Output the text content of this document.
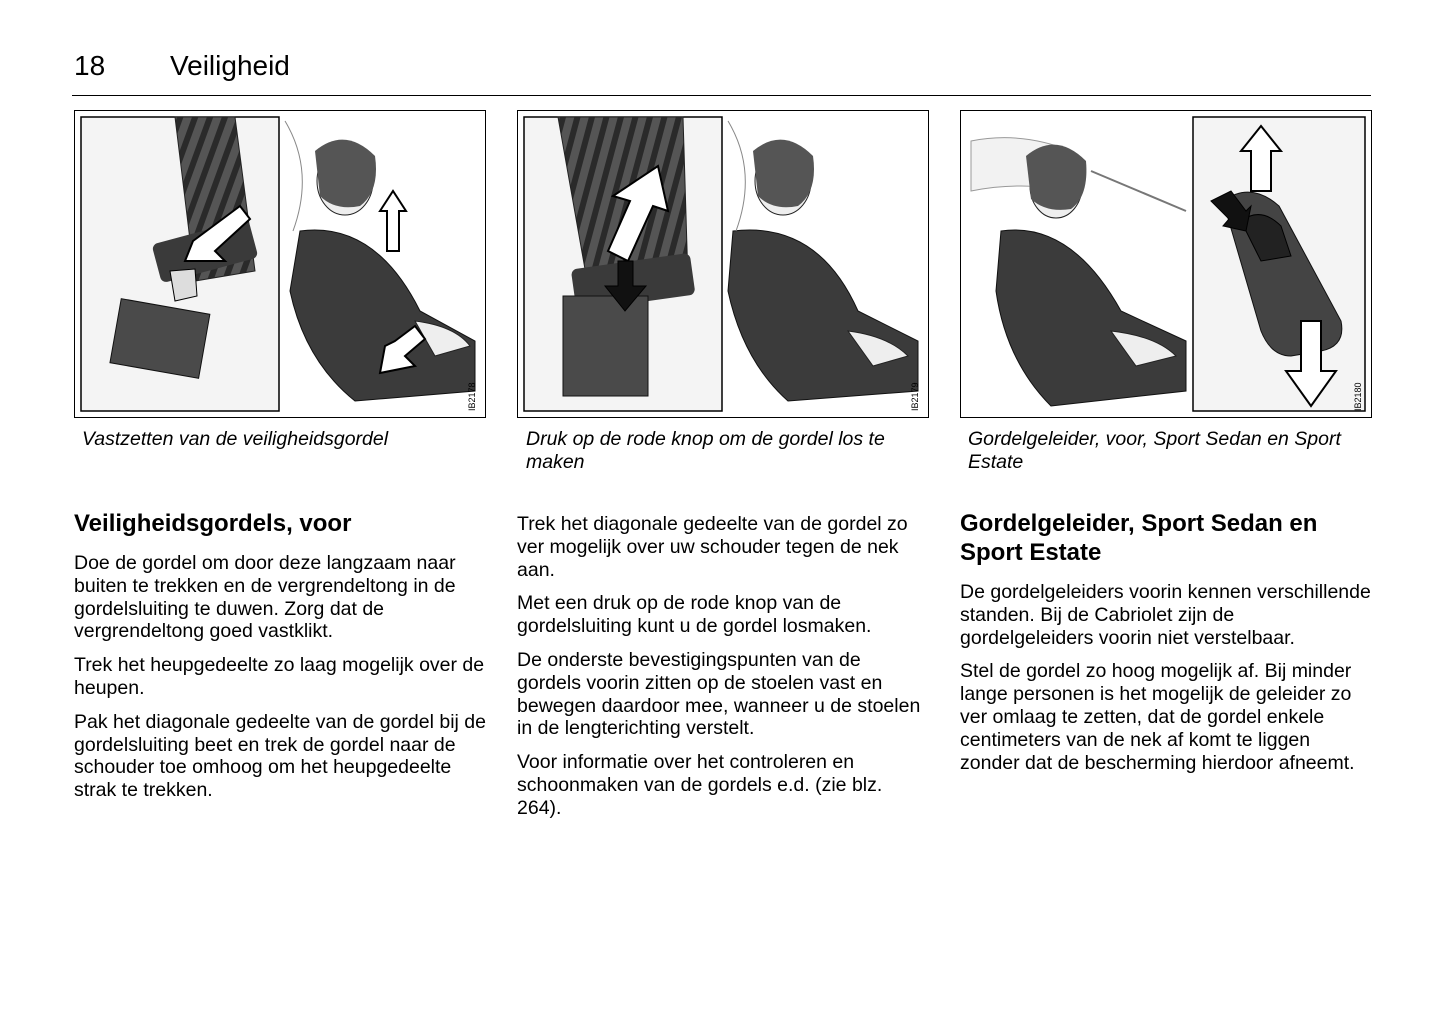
18 Veiligheid
IB2178	IB2179	IB2180
Vastzetten van de veiligheidsgordel	Druk op de rode knop om de gordel los te maken
Gordelgeleider, voor, Sport Sedan en Sport Estate
Veiligheidsgordels, voor

Doe de gordel om door deze langzaam naar buiten te trekken en de vergrendeltong in de gordelsluiting te duwen. Zorg dat de vergrendeltong goed vastklikt.

Trek het heupgedeelte zo laag mogelijk over de heupen.

Pak het diagonale gedeelte van de gordel bij de gordelsluiting beet en trek de gordel naar de schouder toe omhoog om het heupgedeelte strak te trekken.

Trek het diagonale gedeelte van de gordel zo ver mogelijk over uw schouder tegen de nek aan.

Met een druk op de rode knop van de gordelsluiting kunt u de gordel losmaken.

De onderste bevestigingspunten van de gordels voorin zitten op de stoelen vast en bewegen daardoor mee, wanneer u de stoelen in de lengterichting verstelt.

Voor informatie over het controleren en schoonmaken van de gordels e.d. (zie blz. 264).

Gordelgeleider, Sport Sedan en Sport Estate

De gordelgeleiders voorin kennen verschillende standen. Bij de Cabriolet zijn de gordelgeleiders voorin niet verstelbaar.

Stel de gordel zo hoog mogelijk af. Bij minder lange personen is het mogelijk de geleider zo ver omlaag te zetten, dat de gordel enkele centimeters van de nek af komt te liggen zonder dat de bescherming hierdoor afneemt.
